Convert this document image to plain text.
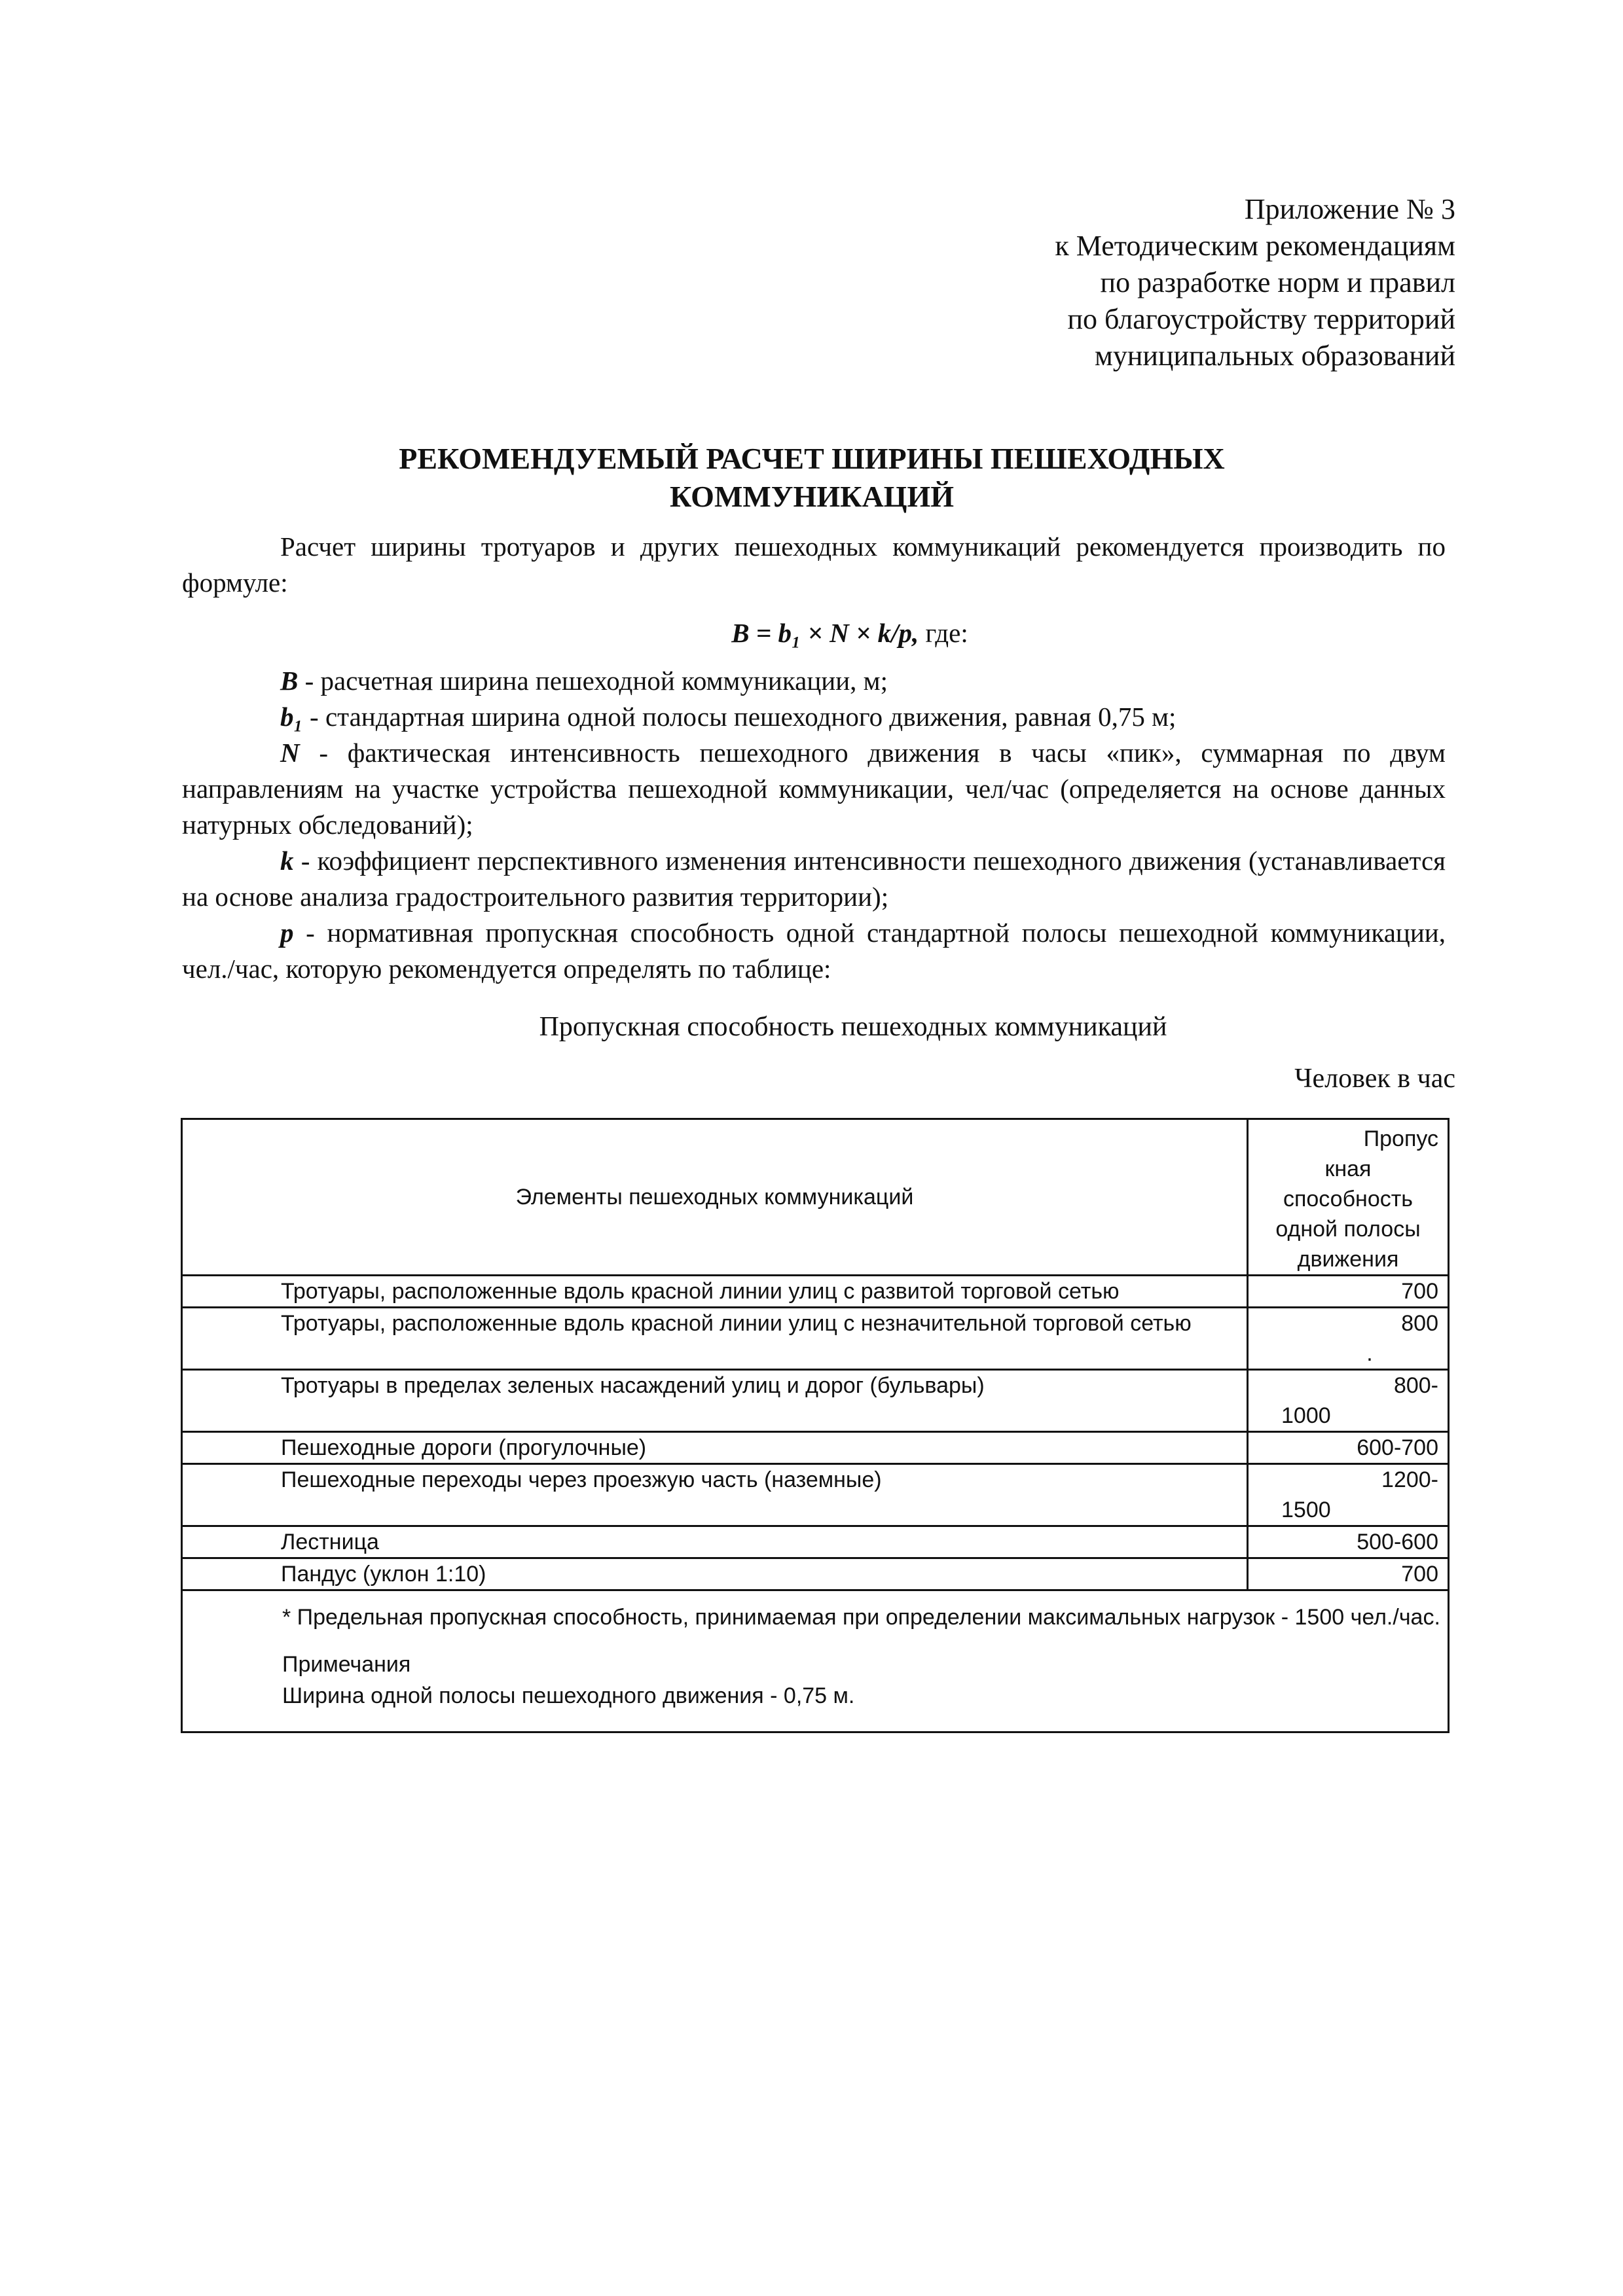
Приложение № 3
к Методическим рекомендациям
по разработке норм и правил
по благоустройству территорий
муниципальных образований
РЕКОМЕНДУЕМЫЙ РАСЧЕТ ШИРИНЫ ПЕШЕХОДНЫХ
КОММУНИКАЦИЙ

Расчет ширины тротуаров и других пешеходных коммуникаций рекомендуется производить по формуле:

B = b₁ × N × k/p, где:

B - расчетная ширина пешеходной коммуникации, м;

b₁ - стандартная ширина одной полосы пешеходного движения, равная 0,75 м;

N - фактическая интенсивность пешеходного движения в часы «пик», суммарная по двум направлениям на участке устройства пешеходной коммуникации, чел/час (определяется на основе данных натурных обследований);

k - коэффициент перспективного изменения интенсивности пешеходного движения (устанавливается на основе анализа градостроительного развития территории);

p - нормативная пропускная способность одной стандартной полосы пешеходной коммуникации, чел./час, которую рекомендуется определять по таблице:

Пропускная способность пешеходных коммуникаций
Человек в час
Элементы пешеходных коммуникаций	Пропус
кная
способность
одной полосы
движения

Тротуары, расположенные вдоль красной линии улиц с развитой торговой сетью	700

Тротуары, расположенные вдоль красной линии улиц с незначительной торговой сетью	800
.

Тротуары в пределах зеленых насаждений улиц и дорог (бульвары)	800-
1000

Пешеходные дороги (прогулочные)	600-700

Пешеходные переходы через проезжую часть (наземные)	1200-
1500

Лестница	500-600

Пандус (уклон 1:10)	700

* Предельная пропускная способность, принимаемая при определении максимальных нагрузок - 1500 чел./час.

Примечания
Ширина одной полосы пешеходного движения - 0,75 м.
